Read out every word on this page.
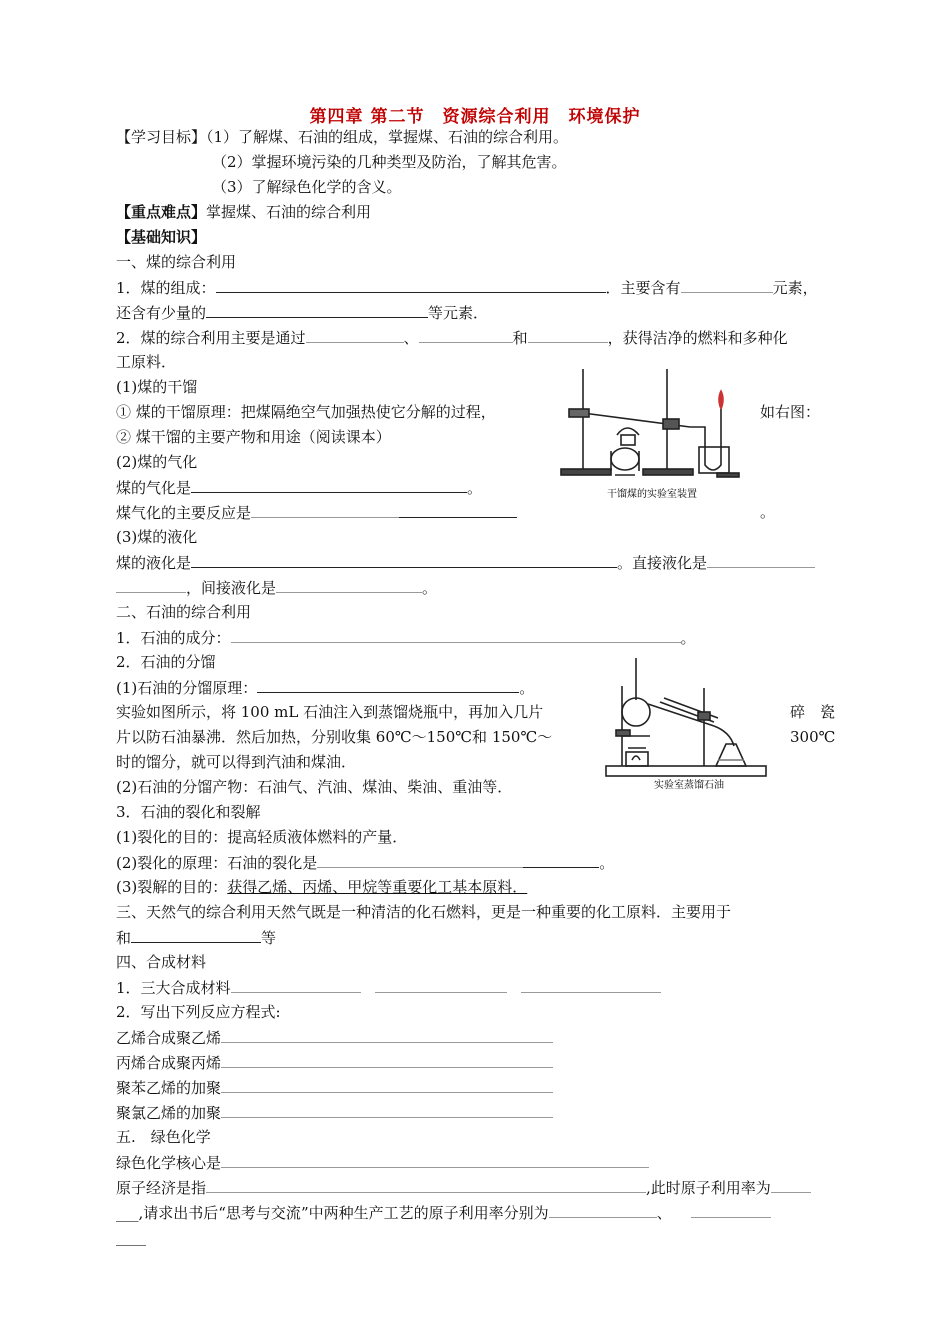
第四章 第二节　资源综合利用　环境保护
【学习目标】（1）了解煤、石油的组成，掌握煤、石油的综合利用。
（2）掌握环境污染的几种类型及防治，了解其危害。
（3）了解绿色化学的含义。
【重点难点】掌握煤、石油的综合利用
【基础知识】
一、煤的综合利用
1．煤的组成：	．主要含有	元素，
还含有少量的	等元素．
2．煤的综合利用主要是通过	、	和	，获得洁净的燃料和多种化
工原料．
(1)煤的干馏
① 煤的干馏原理：把煤隔绝空气加强热使它分解的过程，	如右图：
② 煤干馏的主要产物和用途（阅读课本）
(2)煤的气化
煤的气化是	。
煤气化的主要反应是	。
(3)煤的液化
煤的液化是	。直接液化是
，间接液化是	。
干馏煤的实验室装置
二、石油的综合利用
1．石油的成分：	。
2．石油的分馏
(1)石油的分馏原理：	。
实验如图所示，将 100 mL 石油注入到蒸馏烧瓶中，再加入几片	碎　瓷
片以防石油暴沸．然后加热，分别收集 60℃～150℃和 150℃～	300℃
时的馏分，就可以得到汽油和煤油．
(2)石油的分馏产物：石油气、汽油、煤油、柴油、重油等．
3．石油的裂化和裂解
(1)裂化的目的：提高轻质液体燃料的产量．
(2)裂化的原理：石油的裂化是	。
(3)裂解的目的：获得乙烯、丙烯、甲烷等重要化工基本原料．
实验室蒸馏石油
三、天然气的综合利用天然气既是一种清洁的化石燃料，更是一种重要的化工原料．主要用于
和	等
四、合成材料
1．三大合成材料
2．写出下列反应方程式:
乙烯合成聚乙烯
丙烯合成聚丙烯
聚苯乙烯的加聚
聚氯乙烯的加聚
五.　绿色化学
绿色化学核心是
原子经济是指	,此时原子利用率为
___,请求出书后“思考与交流”中两种生产工艺的原子利用率分别为	、
____
